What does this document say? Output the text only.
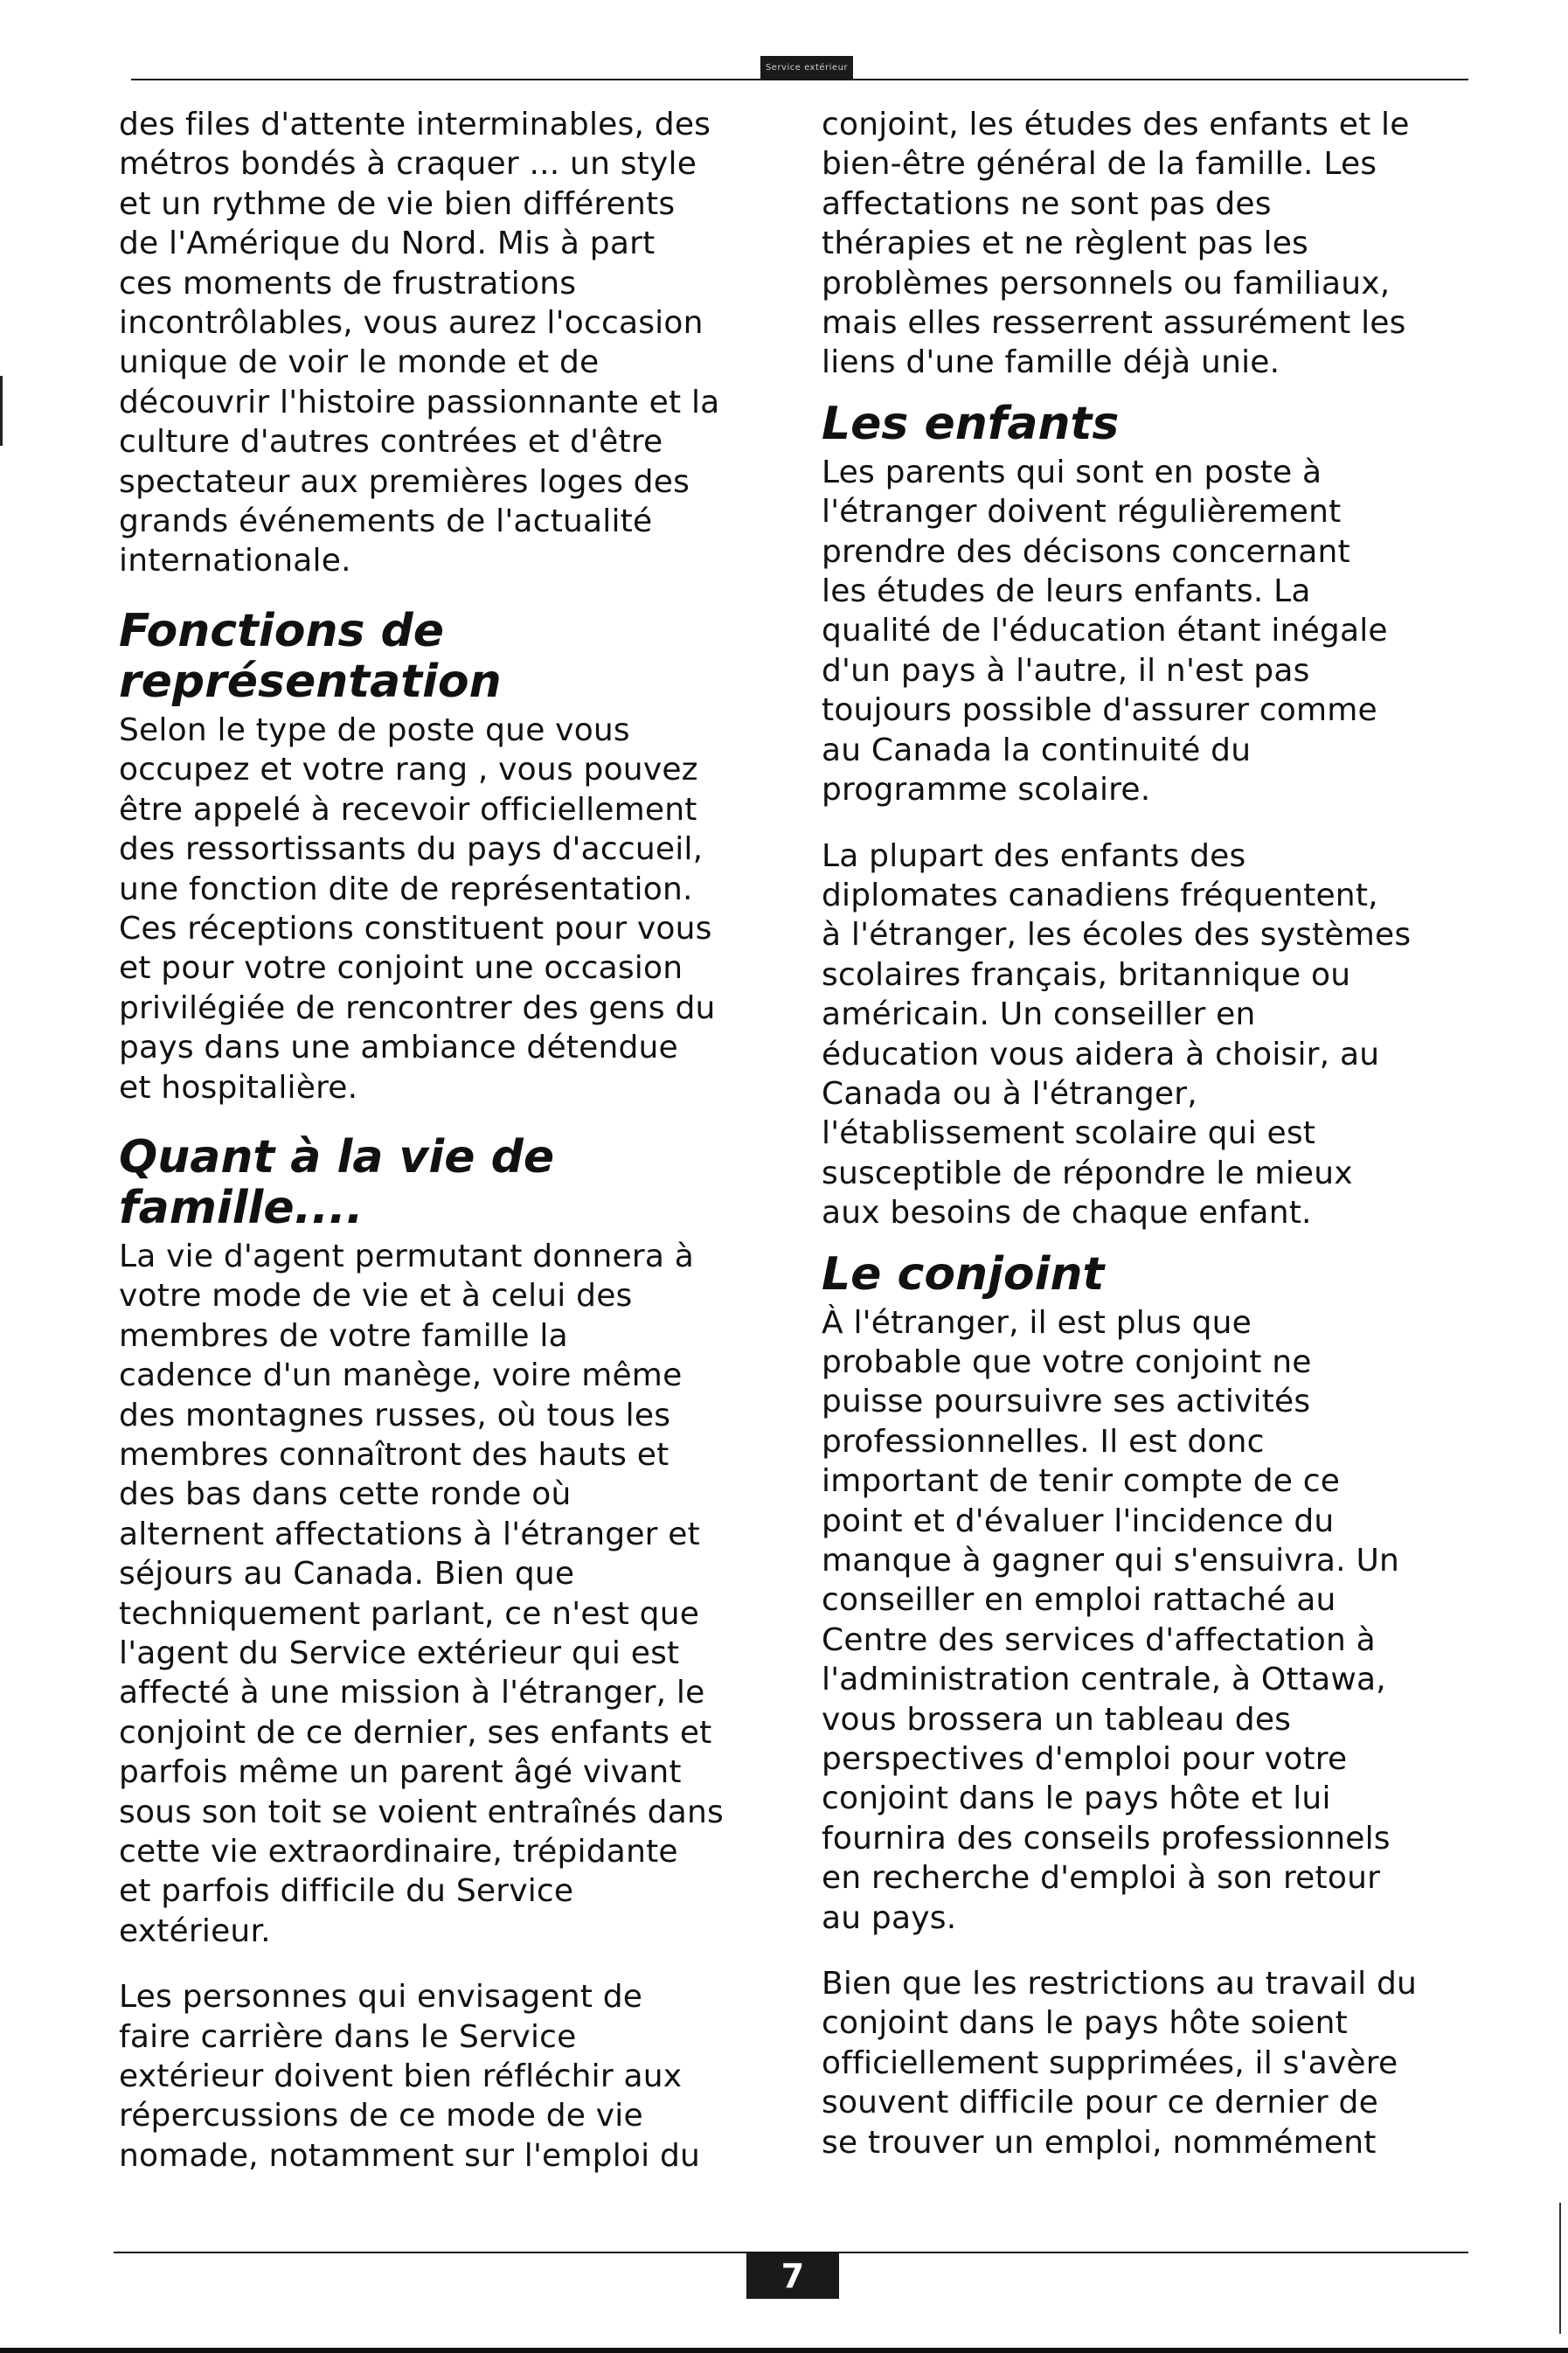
Service extérieur

des files d'attente interminables, des
métros bondés à craquer ... un style
et un rythme de vie bien différents
de l'Amérique du Nord. Mis à part
ces moments de frustrations
incontrôlables, vous aurez l'occasion
unique de voir le monde et de
découvrir l'histoire passionnante et la
culture d'autres contrées et d'être
spectateur aux premières loges des
grands événements de l'actualité
internationale.

Fonctions de
représentation

Selon le type de poste que vous
occupez et votre rang , vous pouvez
être appelé à recevoir officiellement
des ressortissants du pays d'accueil,
une fonction dite de représentation.
Ces réceptions constituent pour vous
et pour votre conjoint une occasion
privilégiée de rencontrer des gens du
pays dans une ambiance détendue
et hospitalière.

Quant à la vie de
famille....

La vie d'agent permutant donnera à
votre mode de vie et à celui des
membres de votre famille la
cadence d'un manège, voire même
des montagnes russes, où tous les
membres connaîtront des hauts et
des bas dans cette ronde où
alternent affectations à l'étranger et
séjours au Canada. Bien que
techniquement parlant, ce n'est que
l'agent du Service extérieur qui est
affecté à une mission à l'étranger, le
conjoint de ce dernier, ses enfants et
parfois même un parent âgé vivant
sous son toit se voient entraînés dans
cette vie extraordinaire, trépidante
et parfois difficile du Service
extérieur.

Les personnes qui envisagent de
faire carrière dans le Service
extérieur doivent bien réfléchir aux
répercussions de ce mode de vie
nomade, notamment sur l'emploi du

conjoint, les études des enfants et le
bien-être général de la famille. Les
affectations ne sont pas des
thérapies et ne règlent pas les
problèmes personnels ou familiaux,
mais elles resserrent assurément les
liens d'une famille déjà unie.

Les enfants

Les parents qui sont en poste à
l'étranger doivent régulièrement
prendre des décisons concernant
les études de leurs enfants. La
qualité de l'éducation étant inégale
d'un pays à l'autre, il n'est pas
toujours possible d'assurer comme
au Canada la continuité du
programme scolaire.

La plupart des enfants des
diplomates canadiens fréquentent,
à l'étranger, les écoles des systèmes
scolaires français, britannique ou
américain. Un conseiller en
éducation vous aidera à choisir, au
Canada ou à l'étranger,
l'établissement scolaire qui est
susceptible de répondre le mieux
aux besoins de chaque enfant.

Le conjoint

À l'étranger, il est plus que
probable que votre conjoint ne
puisse poursuivre ses activités
professionnelles. Il est donc
important de tenir compte de ce
point et d'évaluer l'incidence du
manque à gagner qui s'ensuivra. Un
conseiller en emploi rattaché au
Centre des services d'affectation à
l'administration centrale, à Ottawa,
vous brossera un tableau des
perspectives d'emploi pour votre
conjoint dans le pays hôte et lui
fournira des conseils professionnels
en recherche d'emploi à son retour
au pays.

Bien que les restrictions au travail du
conjoint dans le pays hôte soient
officiellement supprimées, il s'avère
souvent difficile pour ce dernier de
se trouver un emploi, nommément

7
